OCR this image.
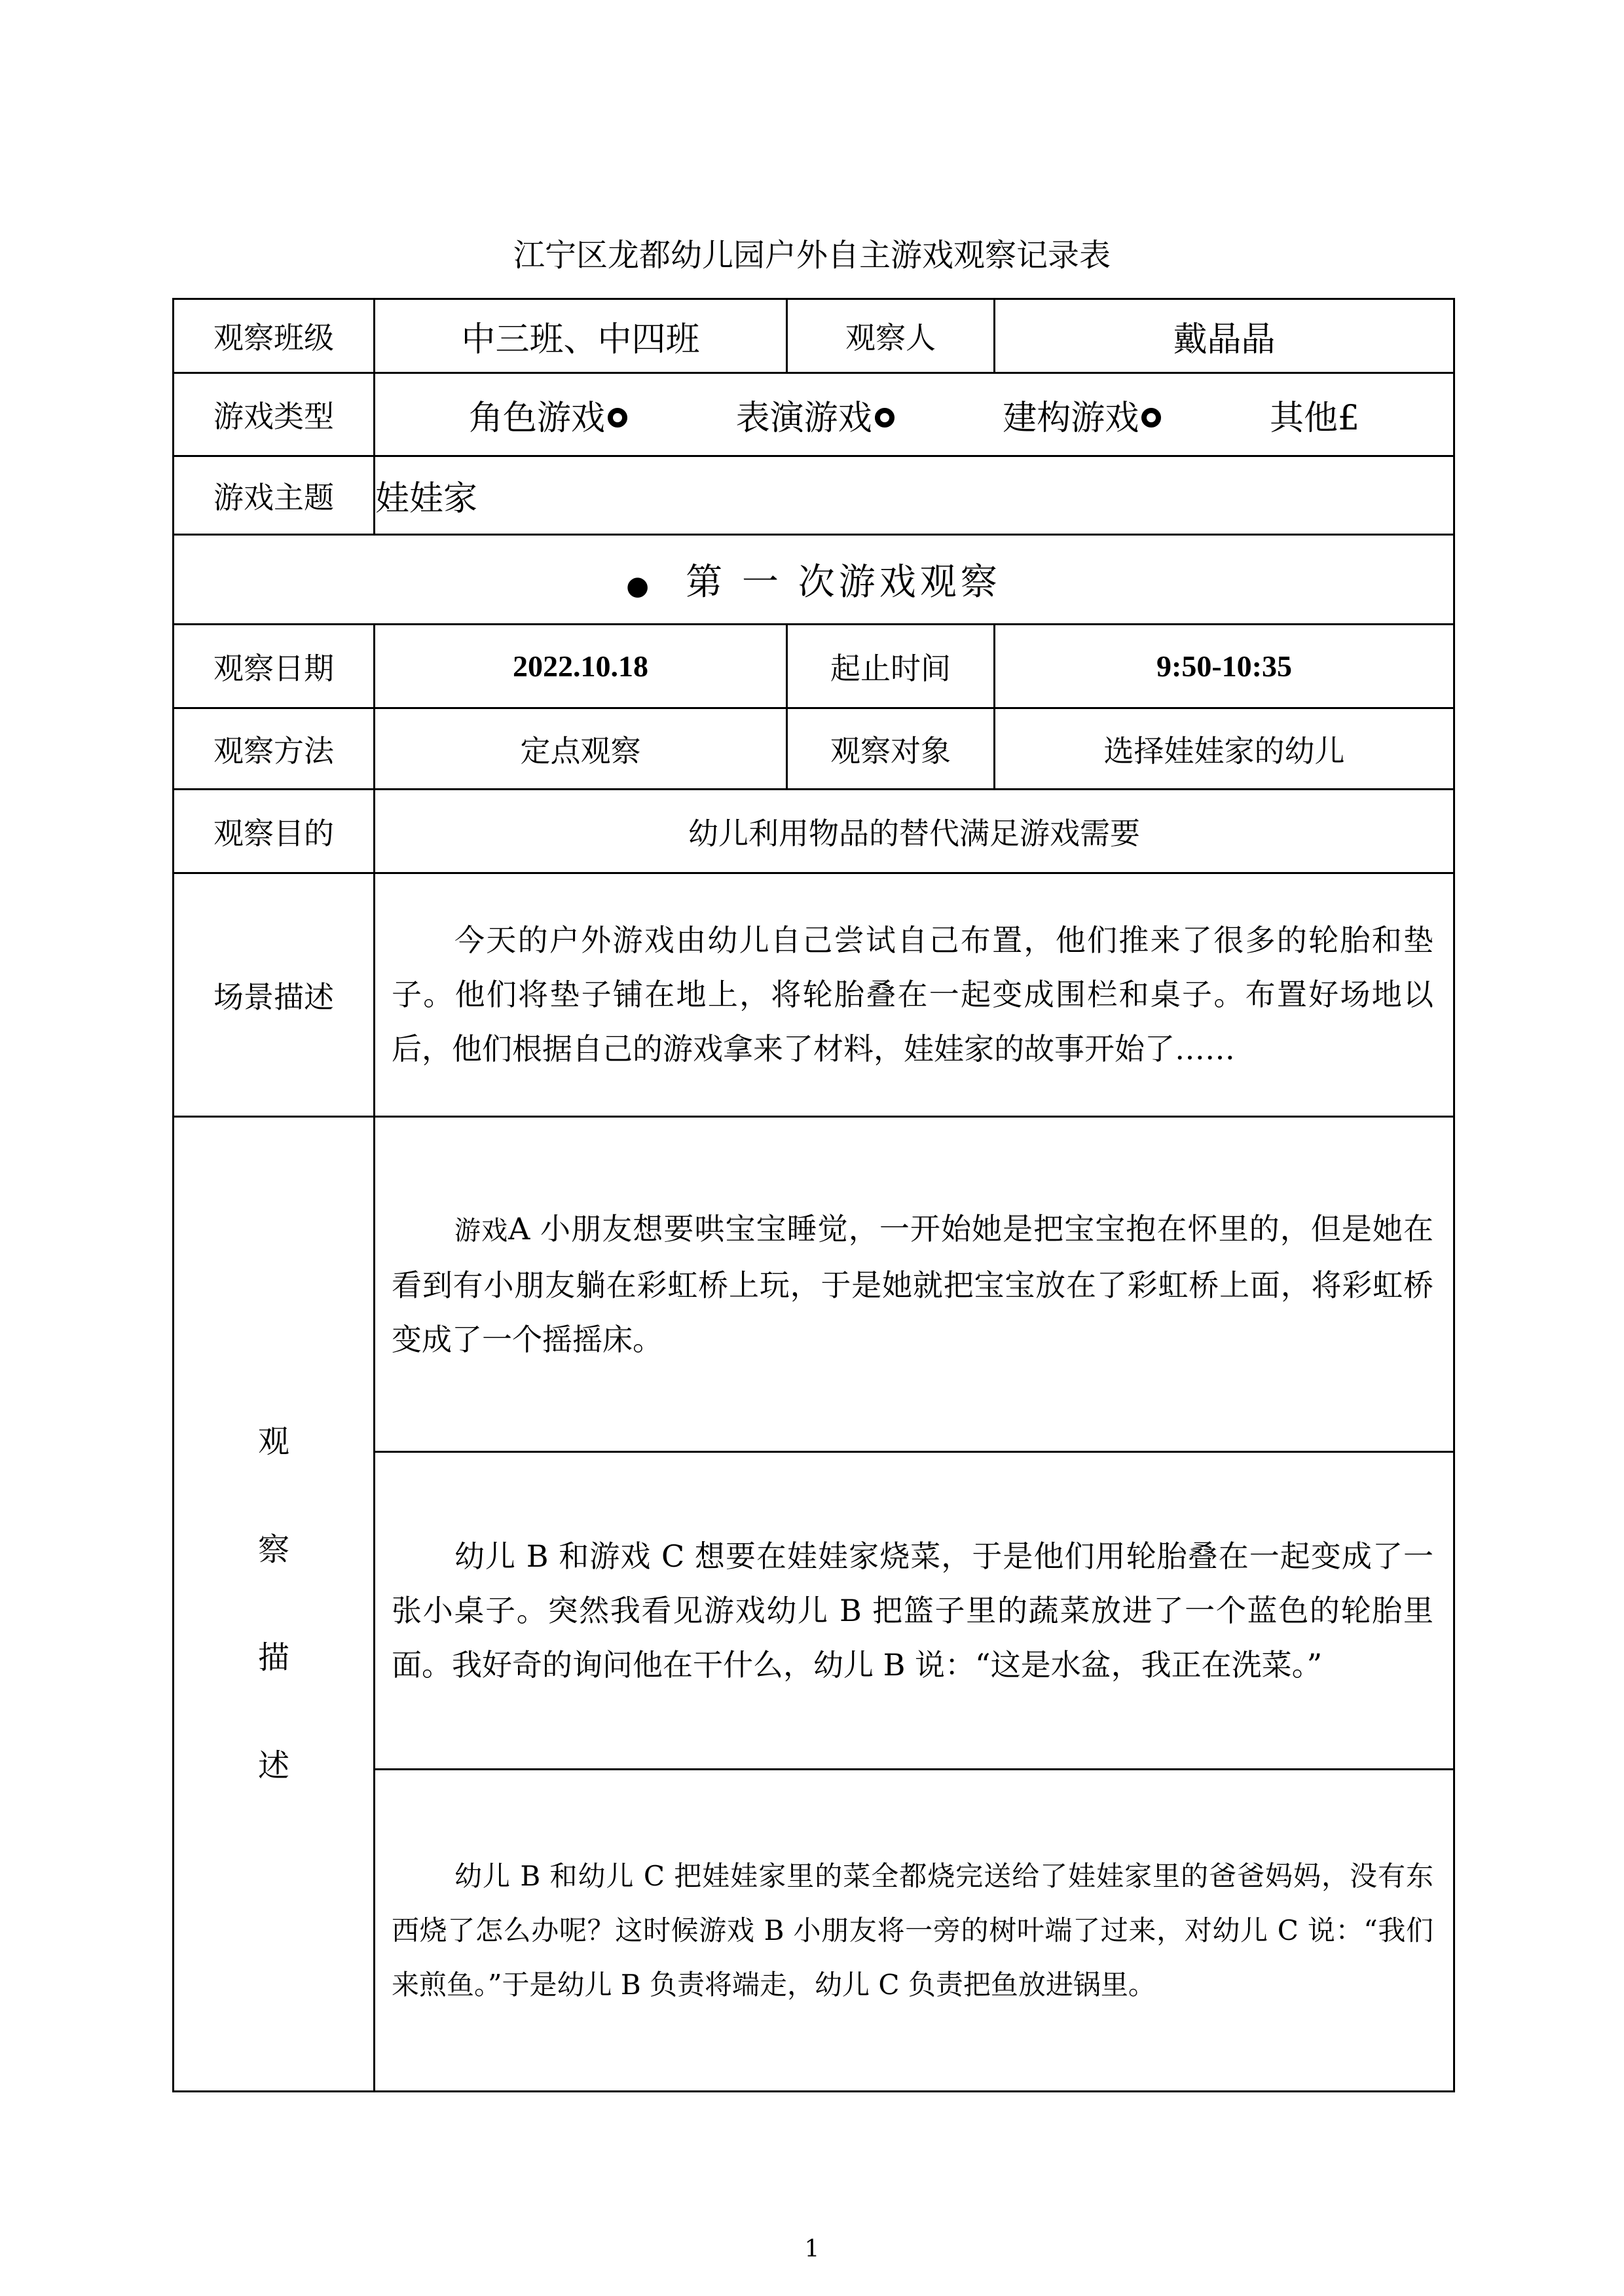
江宁区龙都幼儿园户外自主游戏观察记录表
观察班级	中三班、中四班	观察人	戴晶晶
游戏类型	角色游戏 表演游戏 建构游戏 其他£		

游戏主题	娃娃家		
● 第 一 次游戏观察			
观察日期	2022.10.18	起止时间	9:50-10:35
观察方法	定点观察	观察对象	选择娃娃家的幼儿
观察目的	幼儿利用物品的替代满足游戏需要		
场景描述	今天的户外游戏由幼儿自己尝试自己布置，他们推来了很多的轮胎和垫子。他们将垫子铺在地上，将轮胎叠在一起变成围栏和桌子。布置好场地以后，他们根据自己的游戏拿来了材料，娃娃家的故事开始了……		

观
察
描
述	游戏A 小朋友想要哄宝宝睡觉，一开始她是把宝宝抱在怀里的，但是她在看到有小朋友躺在彩虹桥上玩，于是她就把宝宝放在了彩虹桥上面，将彩虹桥变成了一个摇摇床。		

	幼儿 B 和游戏 C 想要在娃娃家烧菜，于是他们用轮胎叠在一起变成了一张小桌子。突然我看见游戏幼儿 B 把篮子里的蔬菜放进了一个蓝色的轮胎里面。我好奇的询问他在干什么，幼儿 B 说：“这是水盆，我正在洗菜。”		

	幼儿 B 和幼儿 C 把娃娃家里的菜全都烧完送给了娃娃家里的爸爸妈妈，没有东西烧了怎么办呢？这时候游戏 B 小朋友将一旁的树叶端了过来，对幼儿 C 说：“我们来煎鱼。”于是幼儿 B 负责将端走，幼儿 C 负责把鱼放进锅里。		
1
